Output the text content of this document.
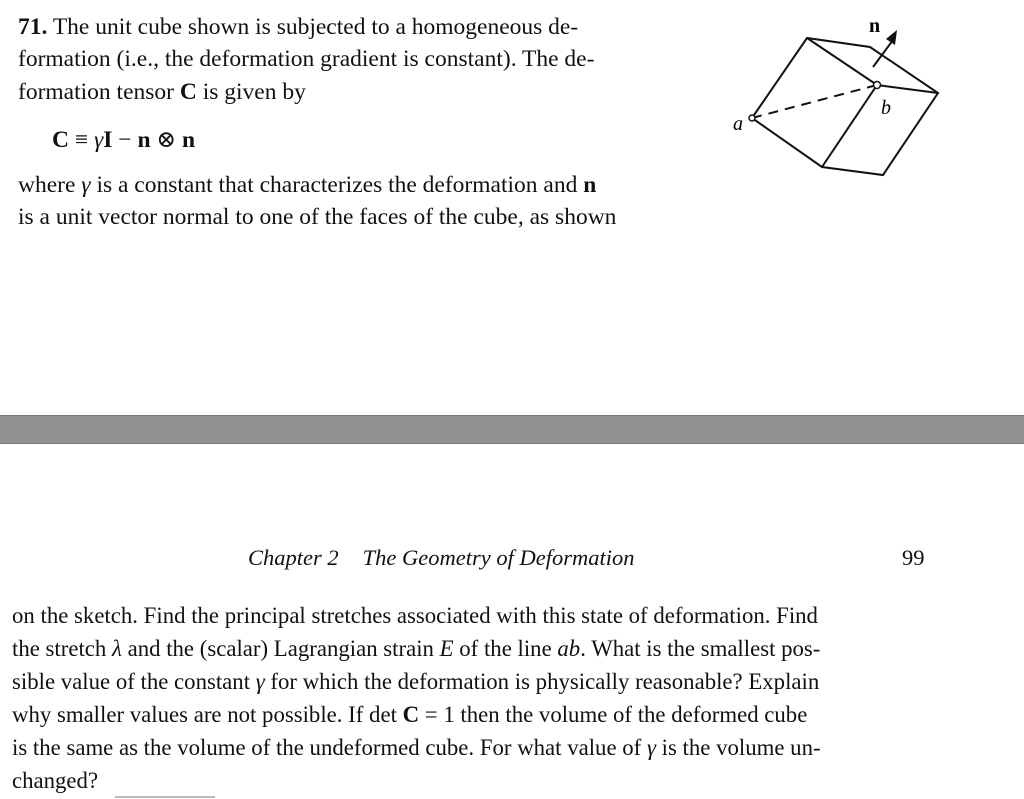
71. The unit cube shown is subjected to a homogeneous de-
formation (i.e., the deformation gradient is constant). The de-
formation tensor C is given by
C ≡ γI − n ⊗ n
where γ is a constant that characterizes the deformation and n
is a unit vector normal to one of the faces of the cube, as shown
n
a
b
Chapter 2 The Geometry of Deformation	99
on the sketch. Find the principal stretches associated with this state of deformation. Find
the stretch λ and the (scalar) Lagrangian strain E of the line ab. What is the smallest pos-
sible value of the constant γ for which the deformation is physically reasonable? Explain
why smaller values are not possible. If det C = 1 then the volume of the deformed cube
is the same as the volume of the undeformed cube. For what value of γ is the volume un-
changed?
